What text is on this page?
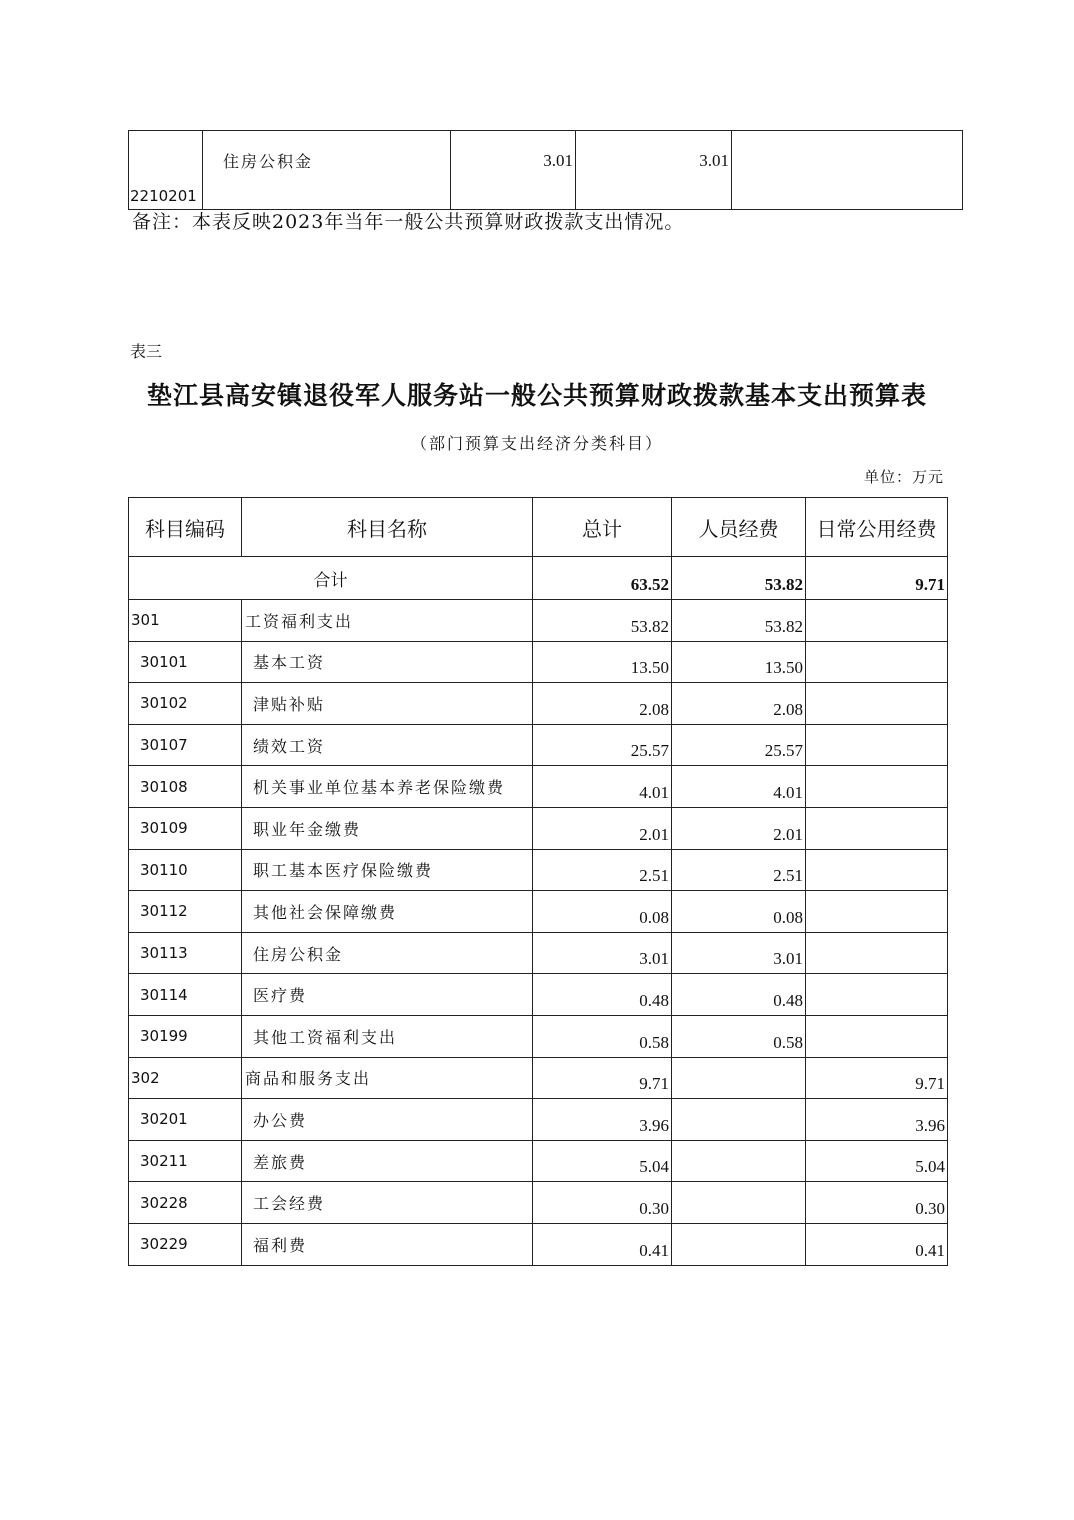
2210201	住房公积金	3.01	3.01	
备注：本表反映2023年当年一般公共预算财政拨款支出情况。
表三
垫江县高安镇退役军人服务站一般公共预算财政拨款基本支出预算表
（部门预算支出经济分类科目）
单位：万元
科目编码	科目名称	总计	人员经费	日常公用经费
合计		63.52	53.82	9.71
301	工资福利支出	53.82	53.82	
30101	基本工资	13.50	13.50	
30102	津贴补贴	2.08	2.08	
30107	绩效工资	25.57	25.57	
30108	机关事业单位基本养老保险缴费	4.01	4.01	
30109	职业年金缴费	2.01	2.01	
30110	职工基本医疗保险缴费	2.51	2.51	
30112	其他社会保障缴费	0.08	0.08	
30113	住房公积金	3.01	3.01	
30114	医疗费	0.48	0.48	
30199	其他工资福利支出	0.58	0.58	
302	商品和服务支出	9.71		9.71
30201	办公费	3.96		3.96
30211	差旅费	5.04		5.04
30228	工会经费	0.30		0.30
30229	福利费	0.41		0.41
